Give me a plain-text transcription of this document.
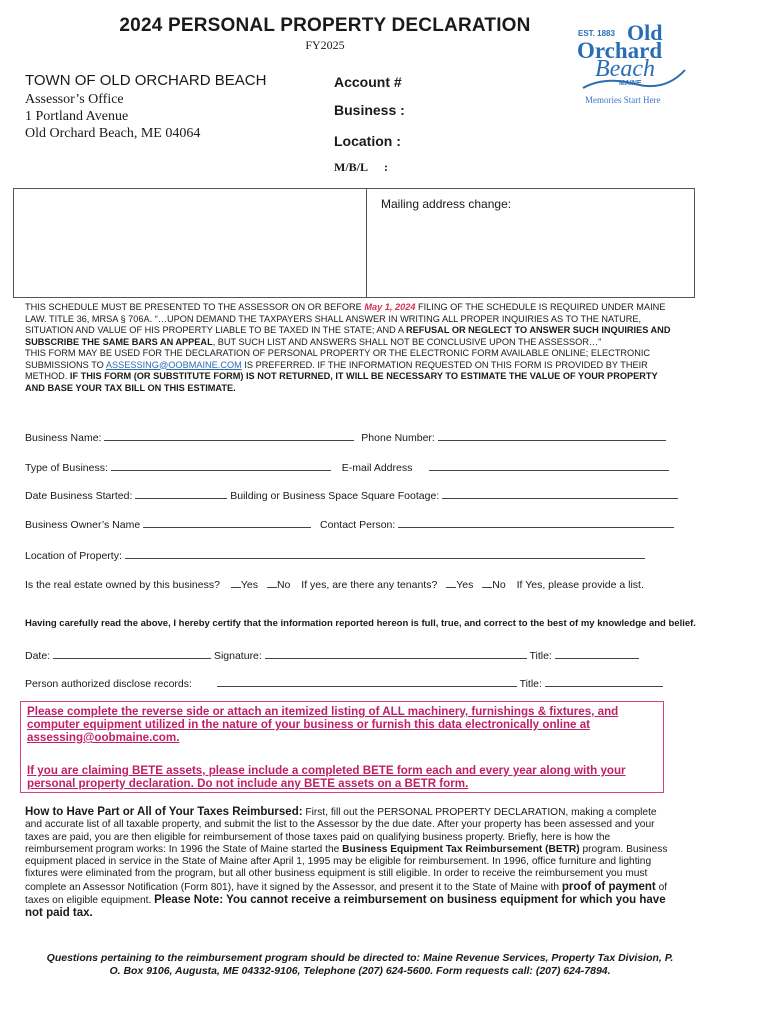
2024 PERSONAL PROPERTY DECLARATION
FY2025
TOWN OF OLD ORCHARD BEACH
Assessor’s Office
1 Portland Avenue
Old Orchard Beach, ME 04064
Account #
Business :
Location :
M/B/L :
EST. 1883 Old
Orchard
Beach
MAINE
Memories Start Here
Mailing address change:

THIS SCHEDULE MUST BE PRESENTED TO THE ASSESSOR ON OR BEFORE May 1, 2024 FILING OF THE SCHEDULE IS REQUIRED UNDER MAINE LAW. TITLE 36, MRSA § 706A. “…UPON DEMAND THE TAXPAYERS SHALL ANSWER IN WRITING ALL PROPER INQUIRIES AS TO THE NATURE, SITUATION AND VALUE OF HIS PROPERTY LIABLE TO BE TAXED IN THE STATE; AND A REFUSAL OR NEGLECT TO ANSWER SUCH INQUIRIES AND SUBSCRIBE THE SAME BARS AN APPEAL, BUT SUCH LIST AND ANSWERS SHALL NOT BE CONCLUSIVE UPON THE ASSESSOR…”

THIS FORM MAY BE USED FOR THE DECLARATION OF PERSONAL PROPERTY OR THE ELECTRONIC FORM AVAILABLE ONLINE; ELECTRONIC SUBMISSIONS TO ASSESSING@OOBMAINE.COM IS PREFERRED. IF THE INFORMATION REQUESTED ON THIS FORM IS PROVIDED BY THEIR METHOD. IF THIS FORM (OR SUBSTITUTE FORM) IS NOT RETURNED, IT WILL BE NECESSARY TO ESTIMATE THE VALUE OF YOUR PROPERTY AND BASE YOUR TAX BILL ON THIS ESTIMATE.

Business Name:	Phone Number:
Type of Business:	E-mail Address
Date Business Started:	Building or Business Space Square Footage:
Business Owner’s Name	Contact Person:
Location of Property:
Is the real estate owned by this business? Yes No If yes, are there any tenants? Yes No If Yes, please provide a list.
Having carefully read the above, I hereby certify that the information reported hereon is full, true, and correct to the best of my knowledge and belief.
Date:	Signature:	Title:
Person authorized disclose records:	Title:
Please complete the reverse side or attach an itemized listing of ALL machinery, furnishings & fixtures, and computer equipment utilized in the nature of your business or furnish this data electronically online at assessing@oobmaine.com.
If you are claiming BETE assets, please include a completed BETE form each and every year along with your personal property declaration. Do not include any BETE assets on a BETR form.
How to Have Part or All of Your Taxes Reimbursed: First, fill out the PERSONAL PROPERTY DECLARATION, making a complete and accurate list of all taxable property, and submit the list to the Assessor by the due date. After your property has been assessed and your taxes are paid, you are then eligible for reimbursement of those taxes paid on qualifying business property. Briefly, here is how the reimbursement program works: In 1996 the State of Maine started the Business Equipment Tax Reimbursement (BETR) program. Business equipment placed in service in the State of Maine after April 1, 1995 may be eligible for reimbursement. In 1996, office furniture and lighting fixtures were eliminated from the program, but all other business equipment is still eligible. In order to receive the reimbursement you must complete an Assessor Notification (Form 801), have it signed by the Assessor, and present it to the State of Maine with proof of payment of taxes on eligible equipment. Please Note: You cannot receive a reimbursement on business equipment for which you have not paid tax.
Questions pertaining to the reimbursement program should be directed to: Maine Revenue Services, Property Tax Division, P. O. Box 9106, Augusta, ME 04332-9106, Telephone (207) 624-5600. Form requests call: (207) 624-7894.
